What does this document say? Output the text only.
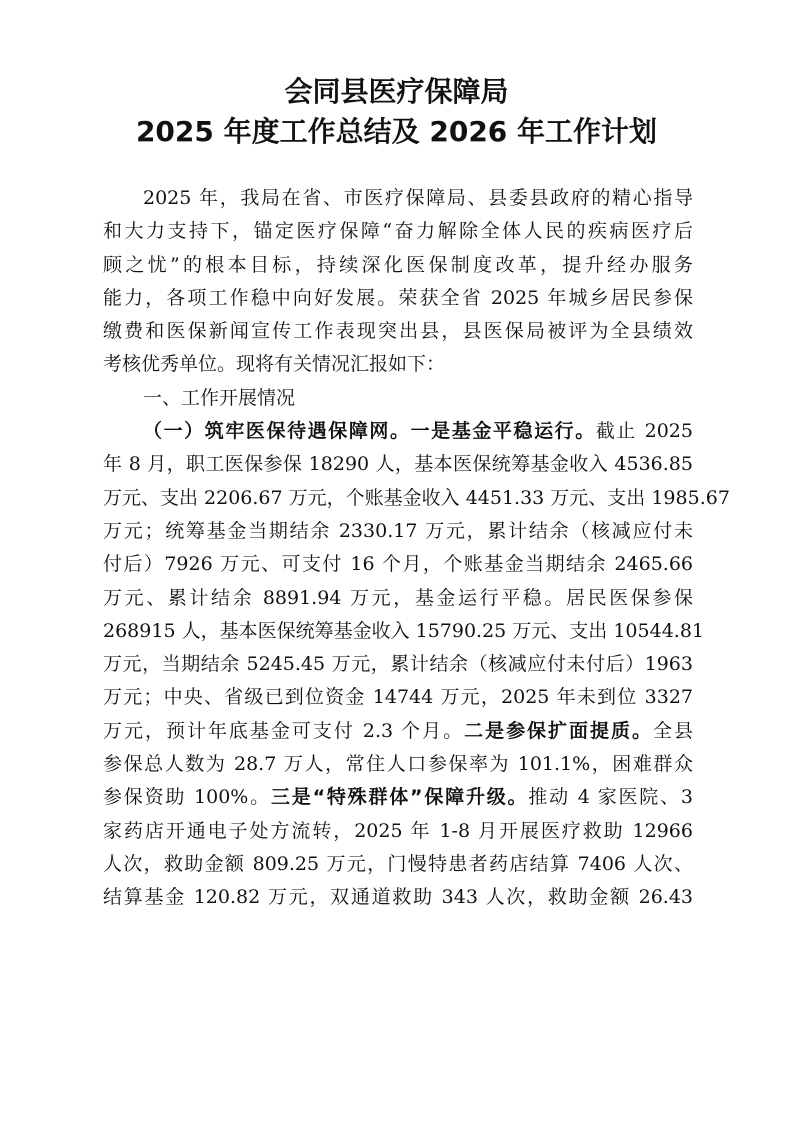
会同县医疗保障局
2025 年度工作总结及 2026 年工作计划
2025 年，我局在省、市医疗保障局、县委县政府的精心指导
和大力支持下，锚定医疗保障“奋力解除全体人民的疾病医疗后
顾之忧”的根本目标，持续深化医保制度改革，提升经办服务
能力，各项工作稳中向好发展。荣获全省 2025 年城乡居民参保
缴费和医保新闻宣传工作表现突出县，县医保局被评为全县绩效
考核优秀单位。现将有关情况汇报如下：
一、工作开展情况
（一）筑牢医保待遇保障网。一是基金平稳运行。截止 2025
年 8 月，职工医保参保 18290 人，基本医保统筹基金收入 4536.85
万元、支出 2206.67 万元，个账基金收入 4451.33 万元、支出 1985.67
万元；统筹基金当期结余 2330.17 万元，累计结余（核减应付未
付后）7926 万元、可支付 16 个月，个账基金当期结余 2465.66
万元、累计结余 8891.94 万元，基金运行平稳。居民医保参保
268915 人，基本医保统筹基金收入 15790.25 万元、支出 10544.81
万元，当期结余 5245.45 万元，累计结余（核减应付未付后）1963
万元；中央、省级已到位资金 14744 万元，2025 年未到位 3327
万元，预计年底基金可支付 2.3 个月。二是参保扩面提质。全县
参保总人数为 28.7 万人，常住人口参保率为 101.1%，困难群众
参保资助 100%。三是“特殊群体”保障升级。推动 4 家医院、3
家药店开通电子处方流转，2025 年 1-8 月开展医疗救助 12966
人次，救助金额 809.25 万元，门慢特患者药店结算 7406 人次、
结算基金 120.82 万元，双通道救助 343 人次，救助金额 26.43
